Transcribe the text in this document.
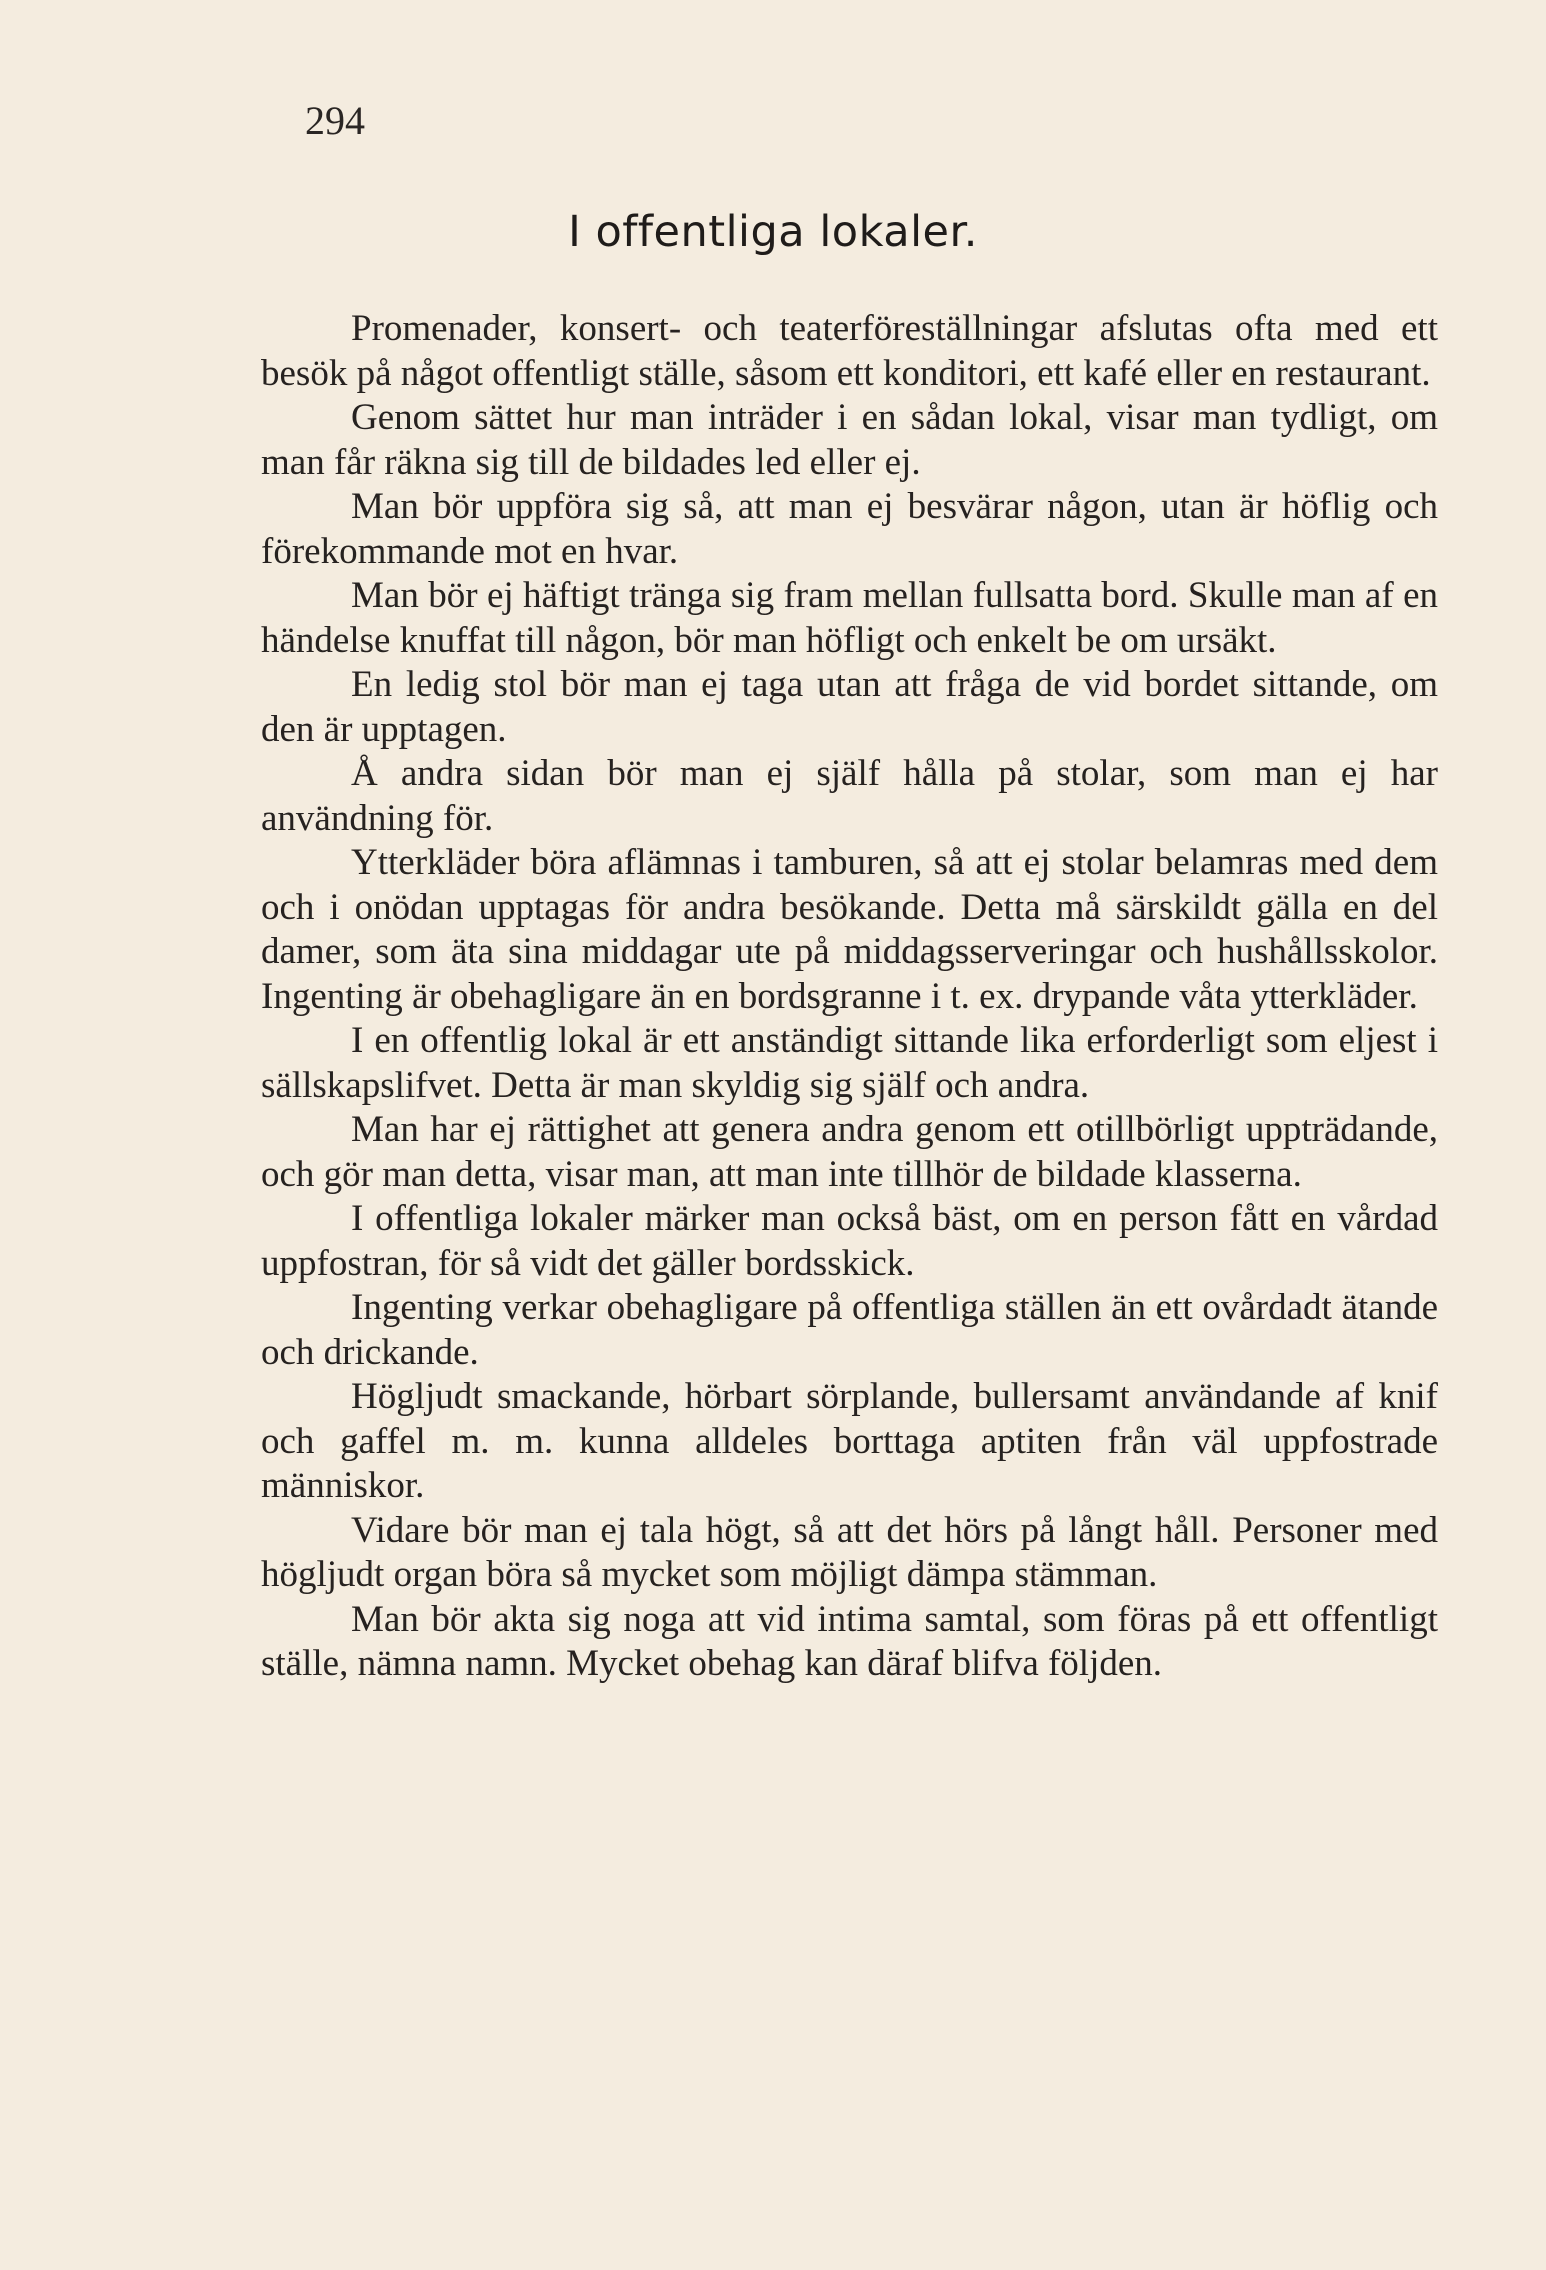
294
I offentliga lokaler.

Promenader, konsert- och teaterföreställningar afslutas ofta med ett besök på något offentligt ställe, såsom ett konditori, ett kafé eller en restaurant.

Genom sättet hur man inträder i en sådan lokal, visar man tydligt, om man får räkna sig till de bildades led eller ej.

Man bör uppföra sig så, att man ej besvärar någon, utan är höflig och förekommande mot en hvar.

Man bör ej häftigt tränga sig fram mellan fullsatta bord. Skulle man af en händelse knuffat till någon, bör man höfligt och enkelt be om ursäkt.

En ledig stol bör man ej taga utan att fråga de vid bordet sittande, om den är upptagen.

Å andra sidan bör man ej själf hålla på stolar, som man ej har användning för.

Ytterkläder böra aflämnas i tamburen, så att ej stolar belamras med dem och i onödan upptagas för andra besökande. Detta må särskildt gälla en del damer, som äta sina middagar ute på middagsserveringar och hushållsskolor. Ingenting är obehagligare än en bordsgranne i t. ex. drypande våta ytterkläder.

I en offentlig lokal är ett anständigt sittande lika erforderligt som eljest i sällskapslifvet. Detta är man skyldig sig själf och andra.

Man har ej rättighet att genera andra genom ett otillbörligt uppträdande, och gör man detta, visar man, att man inte tillhör de bildade klasserna.

I offentliga lokaler märker man också bäst, om en person fått en vårdad uppfostran, för så vidt det gäller bordsskick.

Ingenting verkar obehagligare på offentliga ställen än ett ovårdadt ätande och drickande.

Högljudt smackande, hörbart sörplande, bullersamt användande af knif och gaffel m. m. kunna alldeles borttaga aptiten från väl uppfostrade människor.

Vidare bör man ej tala högt, så att det hörs på långt håll. Personer med högljudt organ böra så mycket som möjligt dämpa stämman.

Man bör akta sig noga att vid intima samtal, som föras på ett offentligt ställe, nämna namn. Mycket obehag kan däraf blifva följden.
